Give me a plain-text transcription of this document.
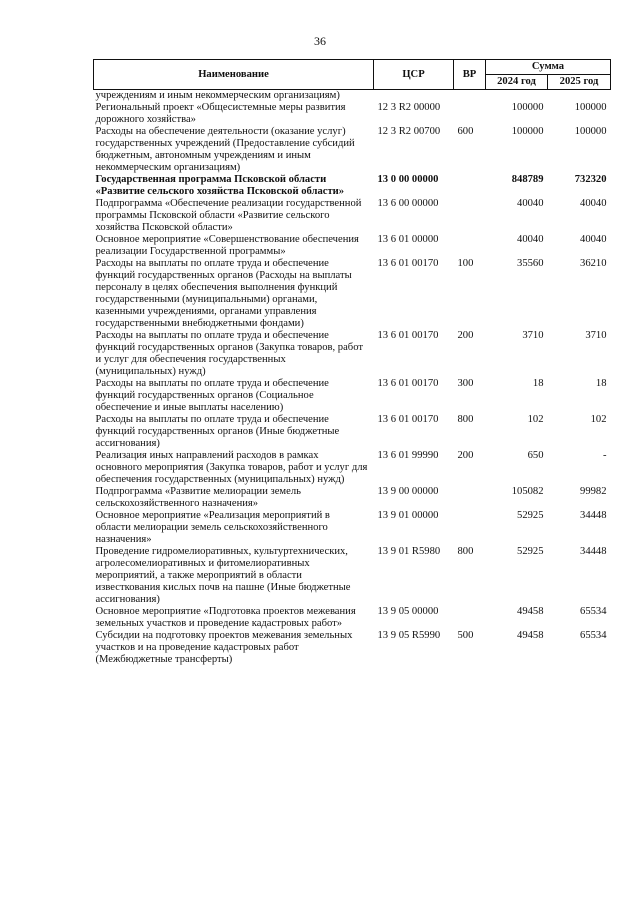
36
Наименование	ЦСР	ВР	Сумма	
			2024 год	2025 год
учреждениям и иным некоммерческим организациям)				
Региональный проект «Общесистемные меры развития дорожного хозяйства»	12 3 R2 00000		100000	100000
Расходы на обеспечение деятельности (оказание услуг) государственных учреждений (Предоставление субсидий бюджетным, автономным учреждениям и иным некоммерческим организациям)	12 3 R2 00700	600	100000	100000
Государственная программа Псковской области «Развитие сельского хозяйства Псковской области»	13 0 00 00000		848789	732320
Подпрограмма «Обеспечение реализации государственной программы Псковской области «Развитие сельского хозяйства Псковской области»	13 6 00 00000		40040	40040
Основное мероприятие «Совершенствование обеспечения реализации Государственной программы»	13 6 01 00000		40040	40040
Расходы на выплаты по оплате труда и обеспечение функций государственных органов (Расходы на выплаты персоналу в целях обеспечения выполнения функций государственными (муниципальными) органами, казенными учреждениями, органами управления государственными внебюджетными фондами)	13 6 01 00170	100	35560	36210
Расходы на выплаты по оплате труда и обеспечение функций государственных органов (Закупка товаров, работ и услуг для обеспечения государственных (муниципальных) нужд)	13 6 01 00170	200	3710	3710
Расходы на выплаты по оплате труда и обеспечение функций государственных органов (Социальное обеспечение и иные выплаты населению)	13 6 01 00170	300	18	18
Расходы на выплаты по оплате труда и обеспечение функций государственных органов (Иные бюджетные ассигнования)	13 6 01 00170	800	102	102
Реализация иных направлений расходов в рамках основного мероприятия (Закупка товаров, работ и услуг для обеспечения государственных (муниципальных) нужд)	13 6 01 99990	200	650	-
Подпрограмма «Развитие мелиорации земель сельскохозяйственного назначения»	13 9 00 00000		105082	99982
Основное мероприятие «Реализация мероприятий в области мелиорации земель сельскохозяйственного назначения»	13 9 01 00000		52925	34448
Проведение гидромелиоративных, культуртехнических, агролесомелиоративных и фитомелиоративных мероприятий, а также мероприятий в области известкования кислых почв на пашне (Иные бюджетные ассигнования)	13 9 01 R5980	800	52925	34448
Основное мероприятие «Подготовка проектов межевания земельных участков и проведение кадастровых работ»	13 9 05 00000		49458	65534
Субсидии на подготовку проектов межевания земельных участков и на проведение кадастровых работ (Межбюджетные трансферты)	13 9 05 R5990	500	49458	65534
